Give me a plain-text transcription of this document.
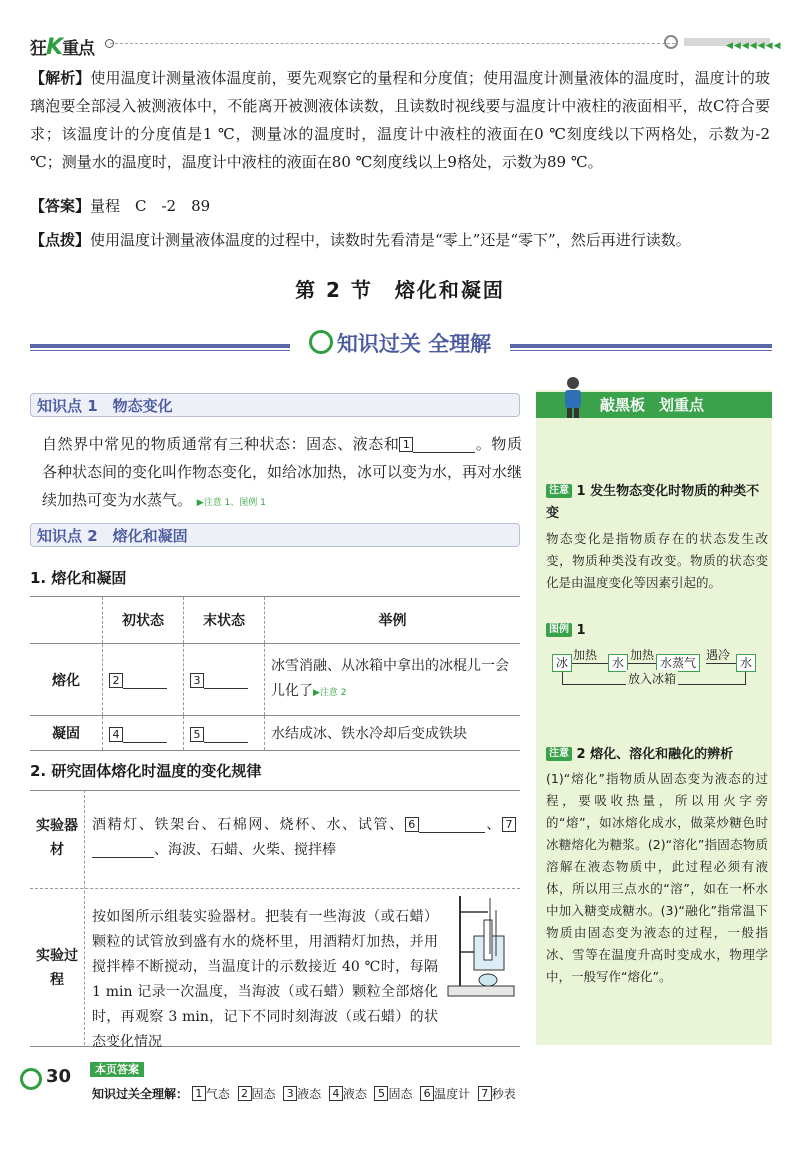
狂K重点	◀◀◀◀◀◀◀
【解析】使用温度计测量液体温度前，要先观察它的量程和分度值；使用温度计测量液体的温度时，温度计的玻璃泡要全部浸入被测液体中，不能离开被测液体读数，且读数时视线要与温度计中液柱的液面相平，故C符合要求；该温度计的分度值是1 ℃，测量冰的温度时，温度计中液柱的液面在0 ℃刻度线以下两格处，示数为-2 ℃；测量水的温度时，温度计中液柱的液面在80 ℃刻度线以上9格处，示数为89 ℃。
【答案】量程　C　-2　89
【点拨】使用温度计测量液体温度的过程中，读数时先看清是“零上”还是“零下”，然后再进行读数。
第 2 节　熔化和凝固
知识过关 全理解
知识点 1　物态变化
自然界中常见的物质通常有三种状态：固态、液态和 1	。物质各种状态间的变化叫作物态变化，如给冰加热，冰可以变为水，再对水继续加热可变为水蒸气。 ▶注意 1、图例 1
知识点 2　熔化和凝固
1. 熔化和凝固
	初状态	末状态	举例
熔化	2	3	冰雪消融、从冰箱中拿出的冰棍儿一会儿化了▶注意 2
凝固	4	5	水结成冰、铁水冷却后变成铁块
2. 研究固体熔化时温度的变化规律
实验器材
酒精灯、铁架台、石棉网、烧杯、水、试管、 6	、 7、海波、石蜡、火柴、搅拌棒
实验过程
按如图所示组装实验器材。把装有一些海波（或石蜡）颗粒的试管放到盛有水的烧杯里，用酒精灯加热，并用搅拌棒不断搅动，当温度计的示数接近 40 ℃时，每隔 1 min 记录一次温度，当海波（或石蜡）颗粒全部熔化时，再观察 3 min，记下不同时刻海波（或石蜡）的状态变化情况
敲黑板 划重点
注意 1 发生物态变化时物质的种类不变
物态变化是指物质存在的状态发生改变，物质种类没有改变。物质的状态变化是由温度变化等因素引起的。
图例 1
冰
加热
水
加热
水蒸气
遇冷
水
放入冰箱
注意 2 熔化、溶化和融化的辨析
(1)“熔化”指物质从固态变为液态的过程，要吸收热量，所以用火字旁的“熔”，如冰熔化成水，做菜炒糖色时冰糖熔化为糖浆。(2)“溶化”指固态物质溶解在液态物质中，此过程必须有液体，所以用三点水的“溶”，如在一杯水中加入糖变成糖水。(3)“融化”指常温下物质由固态变为液态的过程，一般指冰、雪等在温度升高时变成水，物理学中，一般写作“熔化”。
30	本页答案
知识过关全理解： 1 气态 2 固态 3 液态 4 液态 5 固态 6 温度计 7 秒表
